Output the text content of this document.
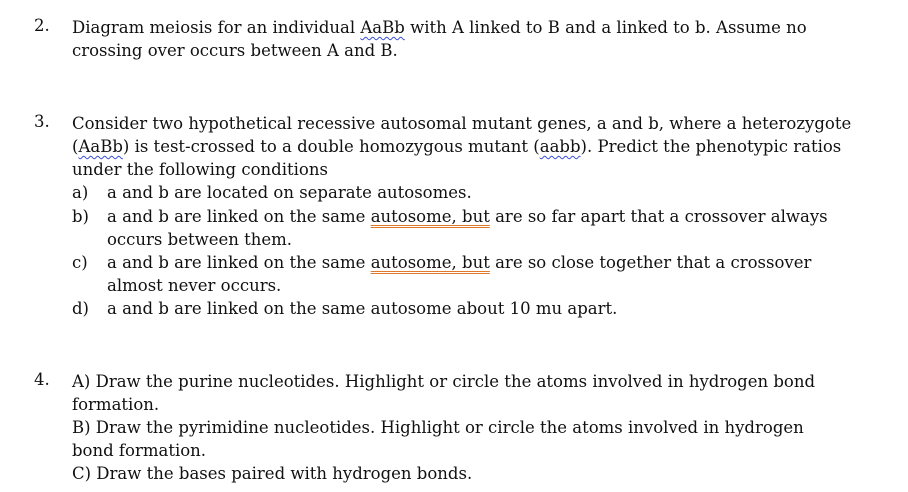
2. Diagram meiosis for an individual AaBb with A linked to B and a linked to b. Assume no
crossing over occurs between A and B.
3. Consider two hypothetical recessive autosomal mutant genes, a and b, where a heterozygote
(AaBb) is test-crossed to a double homozygous mutant (aabb). Predict the phenotypic ratios
under the following conditions
a) a and b are located on separate autosomes.
b) a and b are linked on the same autosome, but are so far apart that a crossover always
occurs between them.
c) a and b are linked on the same autosome, but are so close together that a crossover
almost never occurs.
d) a and b are linked on the same autosome about 10 mu apart.
4. A) Draw the purine nucleotides. Highlight or circle the atoms involved in hydrogen bond
formation.
B) Draw the pyrimidine nucleotides. Highlight or circle the atoms involved in hydrogen
bond formation.
C) Draw the bases paired with hydrogen bonds.
